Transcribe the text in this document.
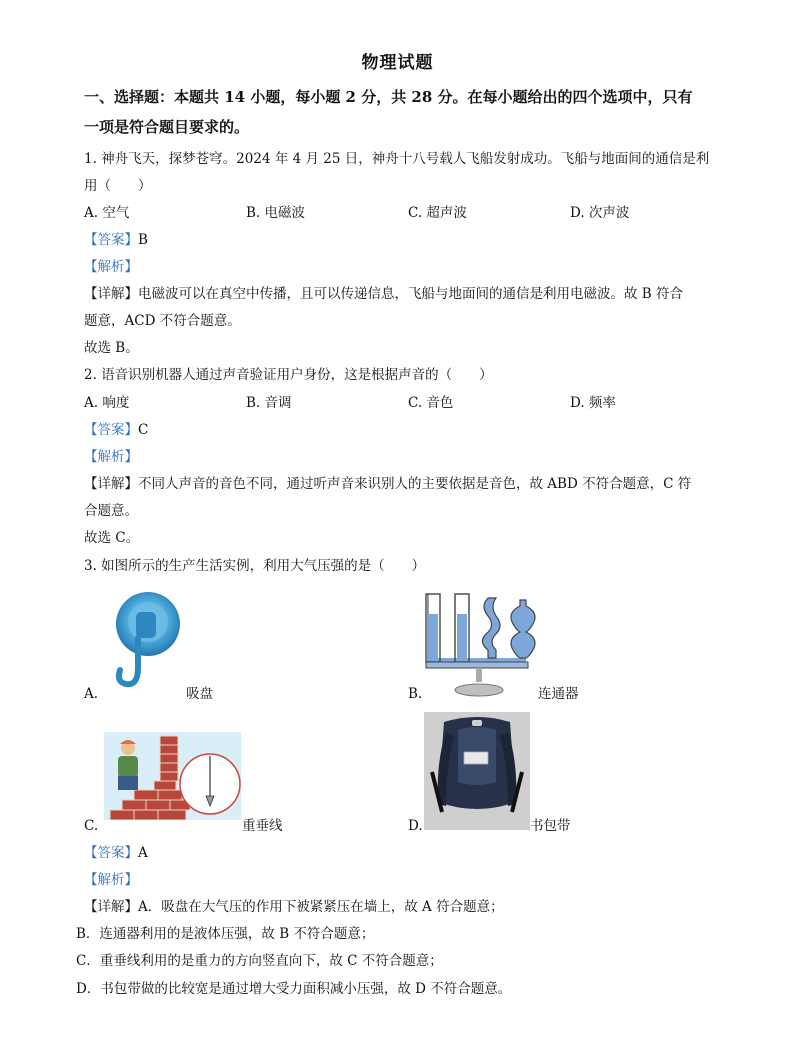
物理试题
一、选择题：本题共 14 小题，每小题 2 分，共 28 分。在每小题给出的四个选项中，只有
一项是符合题目要求的。
1. 神舟飞天，探梦苍穹。2024 年 4 月 25 日，神舟十八号载人飞船发射成功。飞船与地面间的通信是利
用（　　）
A. 空气	B. 电磁波	C. 超声波	D. 次声波
【答案】B
【解析】
【详解】电磁波可以在真空中传播，且可以传递信息，飞船与地面间的通信是利用电磁波。故 B 符合
题意，ACD 不符合题意。
故选 B。
2. 语音识别机器人通过声音验证用户身份，这是根据声音的（　　）
A. 响度	B. 音调	C. 音色	D. 频率
【答案】C
【解析】
【详解】不同人声音的音色不同，通过听声音来识别人的主要依据是音色，故 ABD 不符合题意，C 符
合题意。
故选 C。
3. 如图所示的生产生活实例，利用大气压强的是（　　）
A.	吸盘	B.	连通器
C.	重垂线	D.	书包带
【答案】A
【解析】
【详解】A．吸盘在大气压的作用下被紧紧压在墙上，故 A 符合题意；
B．连通器利用的是液体压强，故 B 不符合题意；
C．重垂线利用的是重力的方向竖直向下，故 C 不符合题意；
D．书包带做的比较宽是通过增大受力面积减小压强，故 D 不符合题意。
